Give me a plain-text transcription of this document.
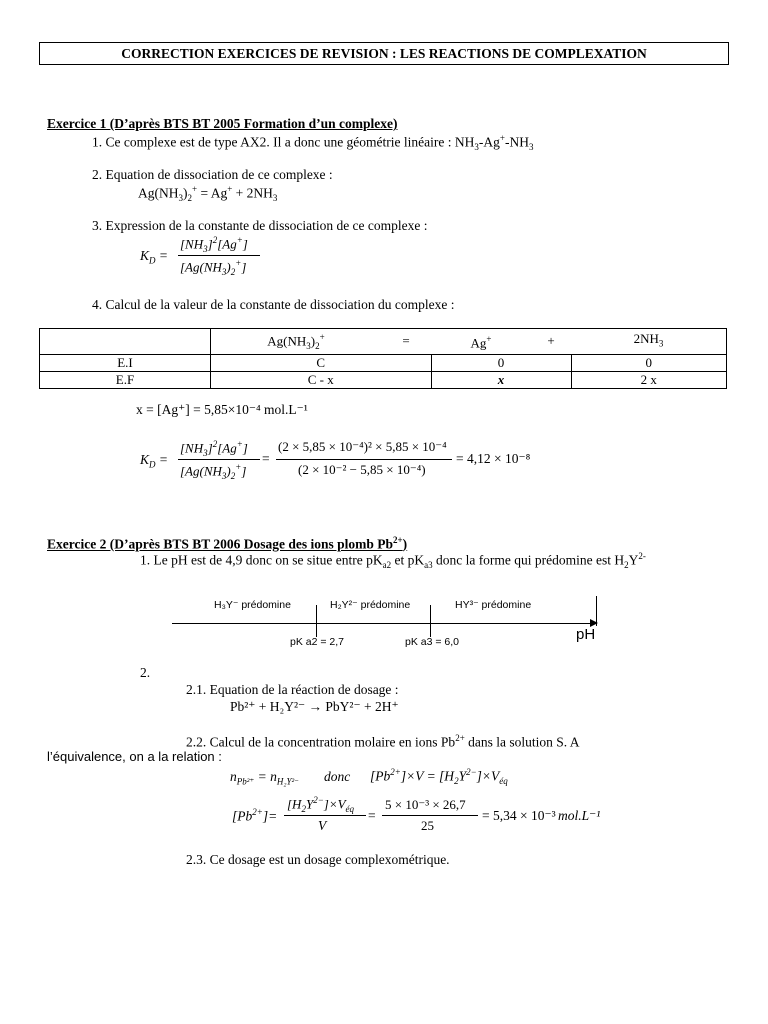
CORRECTION EXERCICES DE REVISION : LES REACTIONS DE COMPLEXATION
Exercice 1 (D’après BTS BT 2005 Formation d’un complexe)
1. Ce complexe est de type AX2. Il a donc une géométrie linéaire : $NH_3-Ag^+-NH_3$
2. Equation de dissociation de ce complexe :
$Ag(NH_3)_2^+ = Ag^+ + 2NH_3$
3. Expression de la constante de dissociation de ce complexe :
$K_D$ =
$[NH_3]^2[Ag^+]$
$[Ag(NH_3)_2^+]$
4. Calcul de la valeur de la constante de dissociation du complexe :
	$Ag(NH_3)_2^+$	=	Ag+	+	$2NH_3$
E.I	C		0		0
E.F	C - x		x		2 x
x = [Ag⁺] = 5,85×10⁻⁴ mol.L⁻¹
$K_D$ =
$[NH_3]^2[Ag^+]$
$[Ag(NH_3)_2^+]$
=
(2 × 5,85 × 10⁻⁴)² × 5,85 × 10⁻⁴
(2 × 10⁻² − 5,85 × 10⁻⁴)
= 4,12 × 10⁻⁸
Exercice 2 (D’après BTS BT 2006 Dosage des ions plomb $Pb^{2+}$)
1. Le pH est de 4,9 donc on se situe entre $pK_{a2}$ et $pK_{a3}$ donc la forme qui prédomine est $H_2Y^{2-}$
H₃Y⁻ prédomine	H₂Y²⁻ prédomine	HY³⁻ prédomine
pK a2 = 2,7	pK a3 = 6,0	pH
2.
2.1. Equation de la réaction de dosage :
Pb²⁺ + H₂Y²⁻ → PbY²⁻ + 2H⁺
2.2. Calcul de la concentration molaire en ions $Pb^{2+}$ dans la solution S. A
l’équivalence, on a la relation :
$n_{Pb^{2+}} = n_{H_2Y^{2-}}$ donc $[Pb^{2+}]\times V = [H_2Y^{2-}]\times V_{éq}$
$[Pb^{2+}]=$
$[H_2Y^{2-}]\times V_{éq}$
V
=
5 × 10⁻³ × 26,7
25
= 5,34 × 10⁻³ mol.L⁻¹
2.3. Ce dosage est un dosage complexométrique.
